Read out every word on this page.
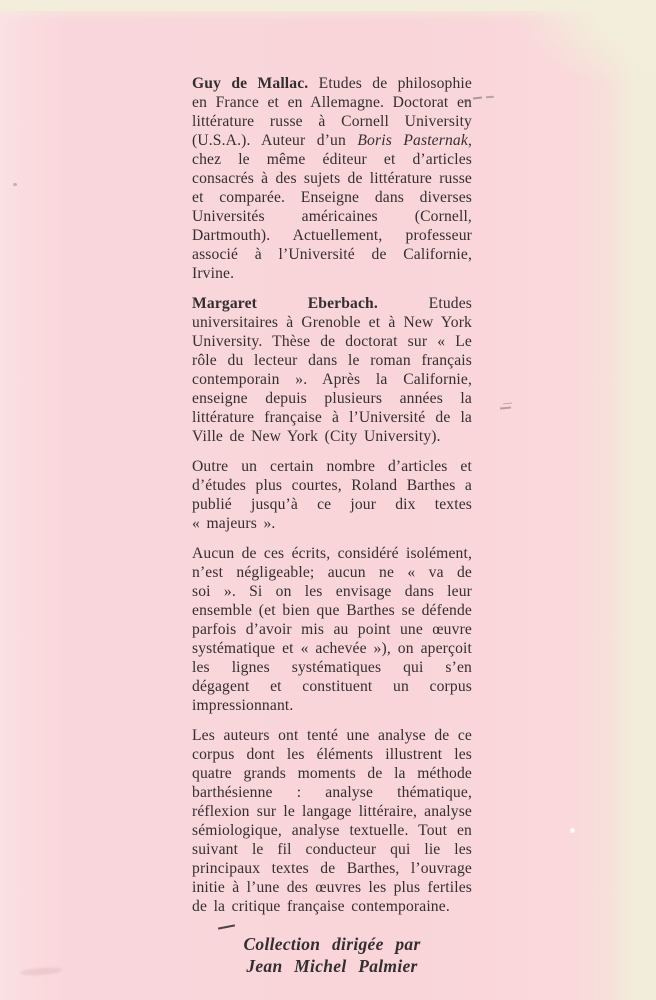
Guy de Mallac. Etudes de philosophie en France et en Allemagne. Doctorat en littérature russe à Cornell University (U.S.A.). Auteur d’un Boris Pasternak, chez le même éditeur et d’articles consacrés à des sujets de littérature russe et comparée. Enseigne dans diverses Universités américaines (Cornell, Dartmouth). Actuellement, professeur associé à l’Université de Californie, Irvine.

Margaret Eberbach. Etudes universitaires à Grenoble et à New York University. Thèse de doctorat sur « Le rôle du lecteur dans le roman français contemporain ». Après la Californie, enseigne depuis plusieurs années la littérature française à l’Université de la Ville de New York (City University).

Outre un certain nombre d’articles et d’études plus courtes, Roland Barthes a publié jusqu’à ce jour dix textes « majeurs ».

Aucun de ces écrits, considéré isolément, n’est négligeable; aucun ne « va de soi ». Si on les envisage dans leur ensemble (et bien que Barthes se défende parfois d’avoir mis au point une œuvre systématique et « achevée »), on aperçoit les lignes systématiques qui s’en dégagent et constituent un corpus impressionnant.

Les auteurs ont tenté une analyse de ce corpus dont les éléments illustrent les quatre grands moments de la méthode barthésienne : analyse thématique, réflexion sur le langage littéraire, analyse sémiologique, analyse textuelle. Tout en suivant le fil conducteur qui lie les principaux textes de Barthes, l’ouvrage initie à l’une des œuvres les plus fertiles de la critique française contemporaine.

Collection dirigée par
Jean Michel Palmier
